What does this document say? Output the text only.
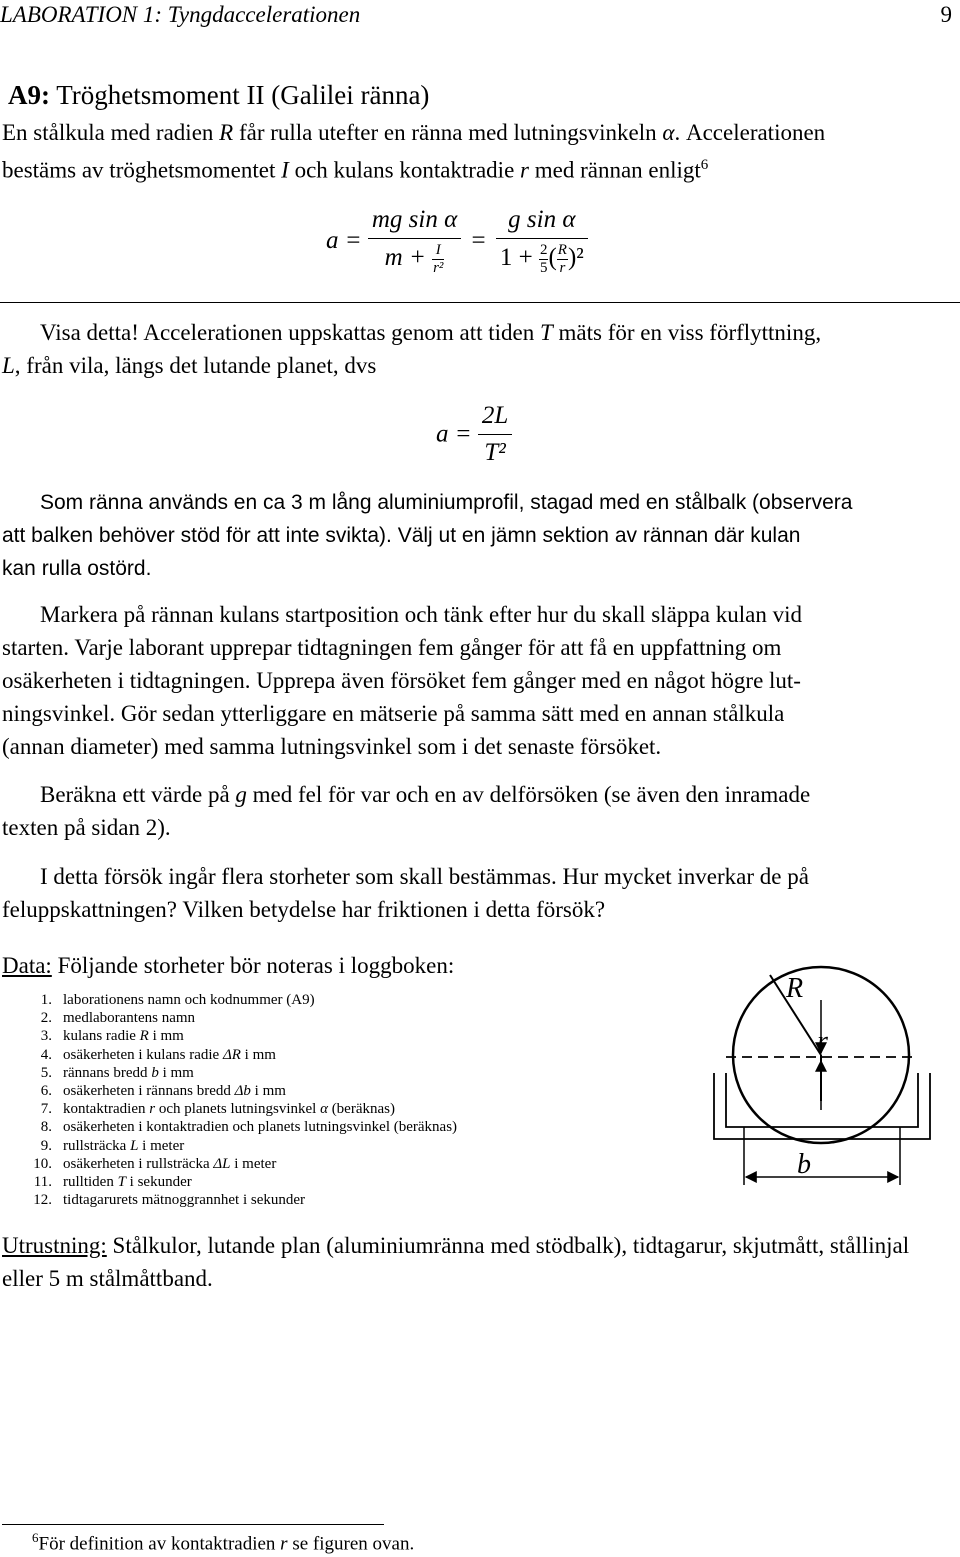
LABORATION 1: Tyngdaccelerationen	9
A9: Tröghetsmoment II (Galilei ränna)
En stålkula med radien R får rulla utefter en ränna med lutningsvinkeln α. Accelerationen
bestäms av tröghetsmomentet I och kulans kontaktradie r med rännan enligt$^6$
$a = \frac{\text{mg sin α}}{m + \frac{I}{\text{r²}}} = \frac{\text{g sin α}}{1 + \frac{2}{5} ( \frac{R}{r} )^2}$
Visa detta! Accelerationen uppskattas genom att tiden T mäts för en viss förflyttning,
L, från vila, längs det lutande planet, dvs
$a = \frac{2L}{\text{T²}}$
Som ränna används en ca 3 m lång aluminiumprofil, stagad med en stålbalk (observera
att balken behöver stöd för att inte svikta). Välj ut en jämn sektion av rännan där kulan
kan rulla ostörd.
Markera på rännan kulans startposition och tänk efter hur du skall släppa kulan vid
starten. Varje laborant upprepar tidtagningen fem gånger för att få en uppfattning om
osäkerheten i tidtagningen. Upprepa även försöket fem gånger med en något högre lut-
ningsvinkel. Gör sedan ytterliggare en mätserie på samma sätt med en annan stålkula
(annan diameter) med samma lutningsvinkel som i det senaste försöket.
Beräkna ett värde på g med fel för var och en av delförsöken (se även den inramade
texten på sidan 2).
I detta försök ingår flera storheter som skall bestämmas. Hur mycket inverkar de på
feluppskattningen? Vilken betydelse har friktionen i detta försök?
Data: Följande storheter bör noteras i loggboken:
1. laborationens namn och kodnummer (A9)
2. medlaborantens namn
3. kulans radie R i mm
4. osäkerheten i kulans radie ΔR i mm
5. rännans bredd b i mm
6. osäkerheten i rännans bredd Δb i mm
7. kontaktradien r och planets lutningsvinkel α (beräknas)
8. osäkerheten i kontaktradien och planets lutningsvinkel (beräknas)
9. rullsträcka L i meter
10. osäkerheten i rullsträcka ΔL i meter
11. rulltiden T i sekunder
12. tidtagarurets mätnoggrannhet i sekunder
R
r
b
Utrustning: Stålkulor, lutande plan (aluminiumränna med stödbalk), tidtagarur, skjutmått, stållinjal
eller 5 m stålmåttband.
$^6$För definition av kontaktradien r se figuren ovan.
